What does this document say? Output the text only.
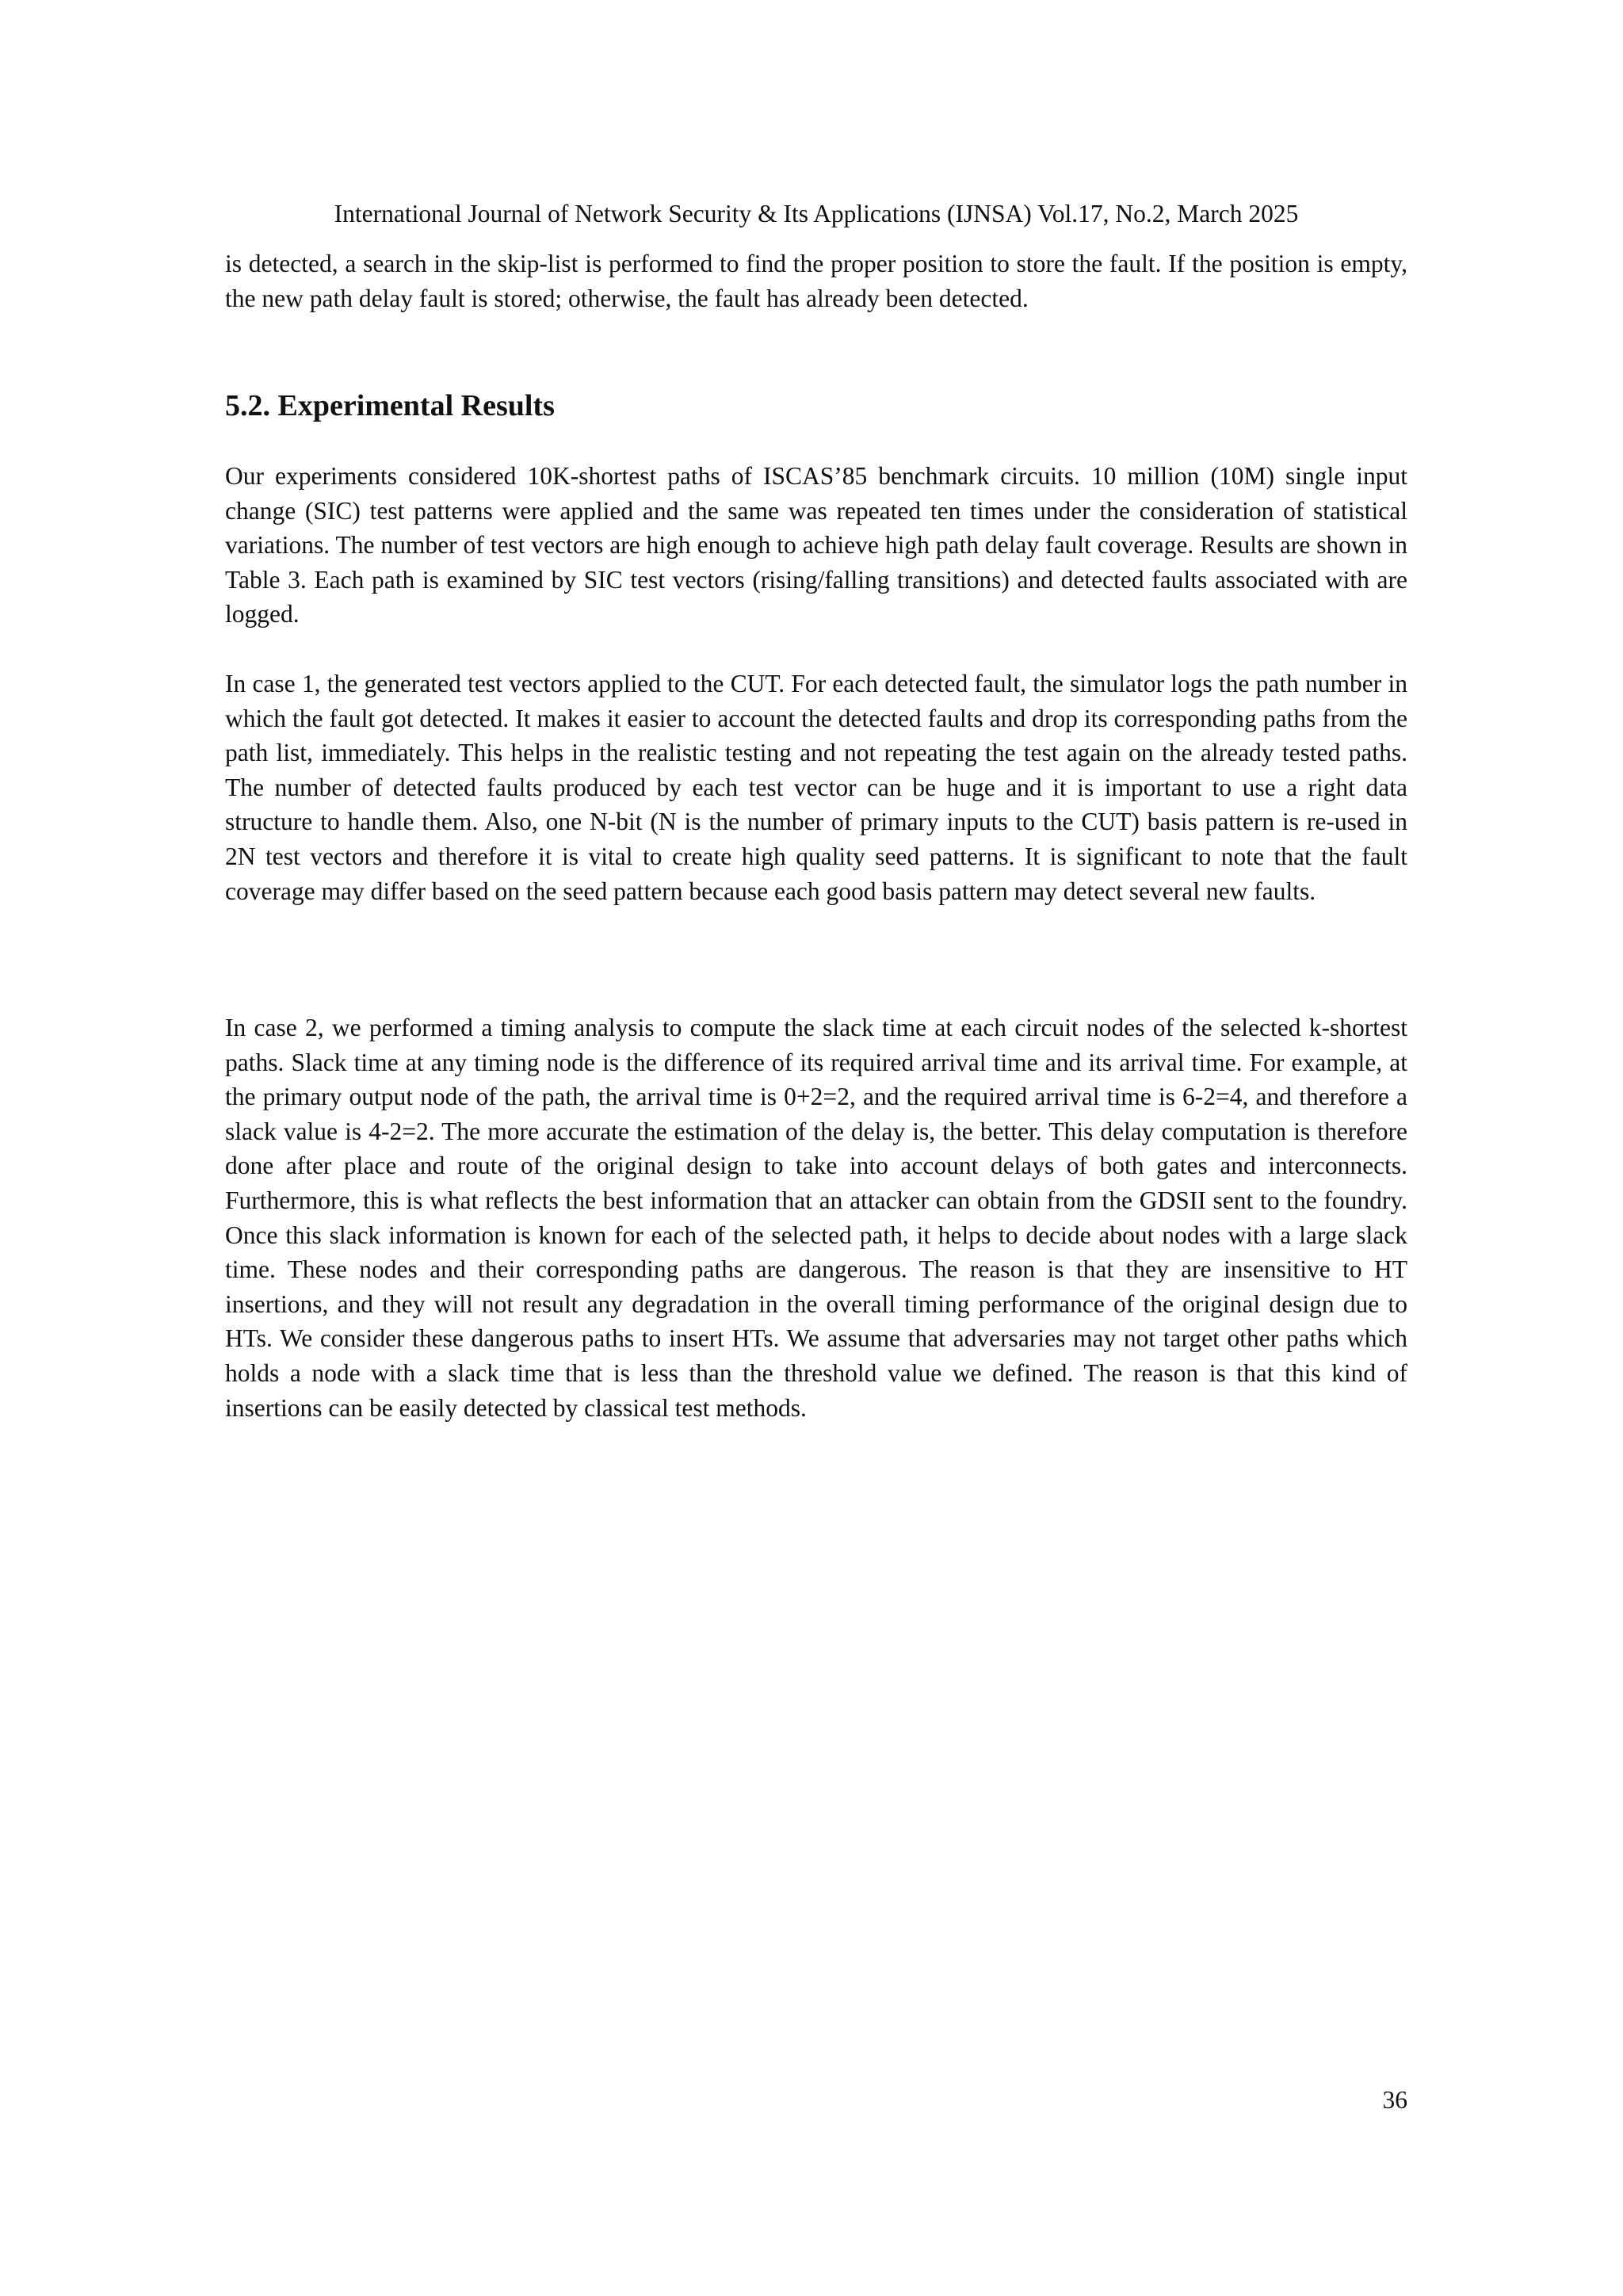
International Journal of Network Security & Its Applications (IJNSA) Vol.17, No.2, March 2025

is detected, a search in the skip-list is performed to find the proper position to store the fault. If the position is empty, the new path delay fault is stored; otherwise, the fault has already been detected.

5.2. Experimental Results

Our experiments considered 10K-shortest paths of ISCAS’85 benchmark circuits. 10 million (10M) single input change (SIC) test patterns were applied and the same was repeated ten times under the consideration of statistical variations. The number of test vectors are high enough to achieve high path delay fault coverage. Results are shown in Table 3. Each path is examined by SIC test vectors (rising/falling transitions) and detected faults associated with are logged.

In case 1, the generated test vectors applied to the CUT. For each detected fault, the simulator logs the path number in which the fault got detected. It makes it easier to account the detected faults and drop its corresponding paths from the path list, immediately. This helps in the realistic testing and not repeating the test again on the already tested paths. The number of detected faults produced by each test vector can be huge and it is important to use a right data structure to handle them. Also, one N-bit (N is the number of primary inputs to the CUT) basis pattern is re-used in 2N test vectors and therefore it is vital to create high quality seed patterns. It is significant to note that the fault coverage may differ based on the seed pattern because each good basis pattern may detect several new faults.

In case 2, we performed a timing analysis to compute the slack time at each circuit nodes of the selected k-shortest paths. Slack time at any timing node is the difference of its required arrival time and its arrival time. For example, at the primary output node of the path, the arrival time is 0+2=2, and the required arrival time is 6-2=4, and therefore a slack value is 4-2=2. The more accurate the estimation of the delay is, the better. This delay computation is therefore done after place and route of the original design to take into account delays of both gates and interconnects. Furthermore, this is what reflects the best information that an attacker can obtain from the GDSII sent to the foundry. Once this slack information is known for each of the selected path, it helps to decide about nodes with a large slack time. These nodes and their corresponding paths are dangerous. The reason is that they are insensitive to HT insertions, and they will not result any degradation in the overall timing performance of the original design due to HTs. We consider these dangerous paths to insert HTs. We assume that adversaries may not target other paths which holds a node with a slack time that is less than the threshold value we defined. The reason is that this kind of insertions can be easily detected by classical test methods.

36
